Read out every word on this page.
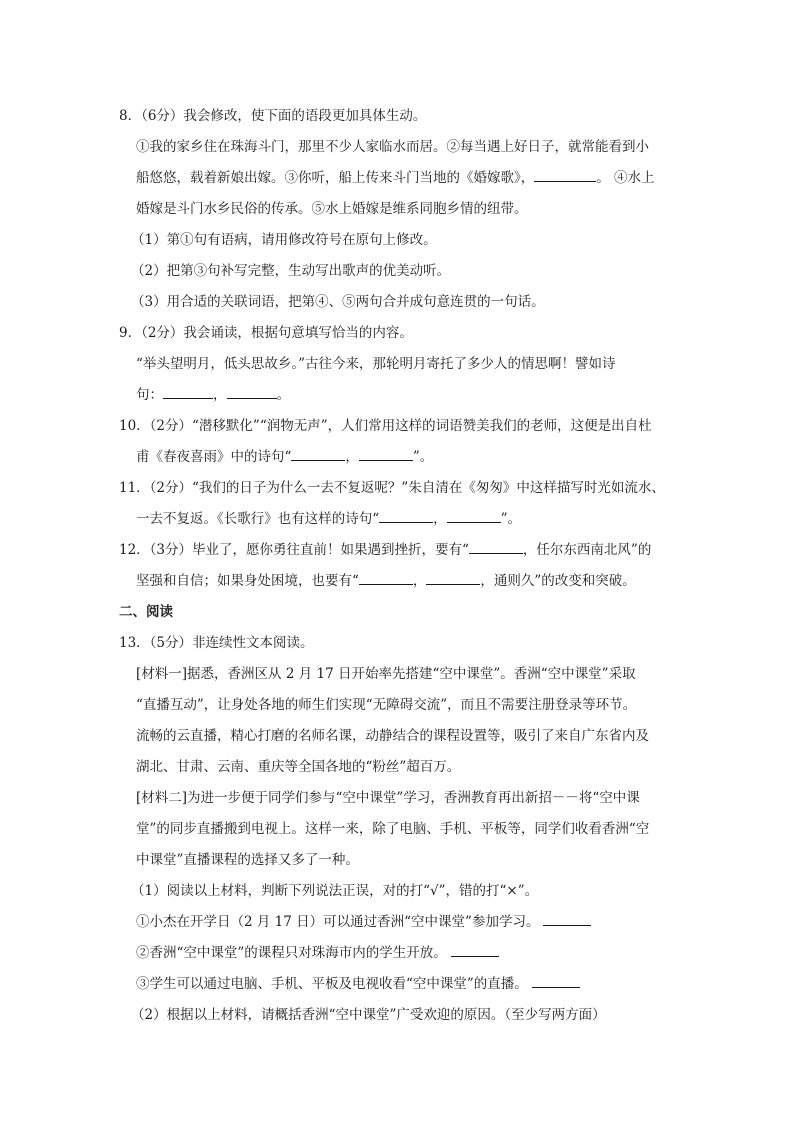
8．（6分）我会修改，使下面的语段更加具体生动。
①我的家乡住在珠海斗门，那里不少人家临水而居。②每当遇上好日子，就常能看到小
船悠悠，载着新娘出嫁。③你听，船上传来斗门当地的《婚嫁歌》，	。 ④水上
婚嫁是斗门水乡民俗的传承。⑤水上婚嫁是维系同胞乡情的纽带。
（1）第①句有语病，请用修改符号在原句上修改。
（2）把第③句补写完整，生动写出歌声的优美动听。
（3）用合适的关联词语，把第④、⑤两句合并成句意连贯的一句话。
9．（2分）我会诵读，根据句意填写恰当的内容。
“举头望明月，低头思故乡。”古往今来，那轮明月寄托了多少人的情思啊！譬如诗
句：	，	。
10．（2分）“潜移默化”“润物无声”，人们常用这样的词语赞美我们的老师，这便是出自杜
甫《春夜喜雨》中的诗句“	，	”。
11．（2分）“我们的日子为什么一去不复返呢？”朱自清在《匆匆》中这样描写时光如流水、
一去不复返。《长歌行》也有这样的诗句“	，	”。
12．（3分）毕业了，愿你勇往直前！如果遇到挫折，要有“	，任尔东西南北风”的
坚强和自信；如果身处困境，也要有“	，	，通则久”的改变和突破。
二、阅读
13．（5分）非连续性文本阅读。
[材料一]据悉，香洲区从 2 月 17 日开始率先搭建“空中课堂”。香洲“空中课堂”采取
“直播互动”，让身处各地的师生们实现“无障碍交流”，而且不需要注册登录等环节。
流畅的云直播，精心打磨的名师名课，动静结合的课程设置等，吸引了来自广东省内及
湖北、甘肃、云南、重庆等全国各地的“粉丝”超百万。
[材料二]为进一步便于同学们参与“空中课堂”学习，香洲教育再出新招－－将“空中课
堂”的同步直播搬到电视上。这样一来，除了电脑、手机、平板等，同学们收看香洲“空
中课堂”直播课程的选择又多了一种。
（1）阅读以上材料，判断下列说法正误，对的打“√”，错的打“×”。
①小杰在开学日（2 月 17 日）可以通过香洲“空中课堂”参加学习。
②香洲“空中课堂”的课程只对珠海市内的学生开放。
③学生可以通过电脑、手机、平板及电视收看“空中课堂”的直播。
（2）根据以上材料，请概括香洲“空中课堂”广受欢迎的原因。（至少写两方面）
